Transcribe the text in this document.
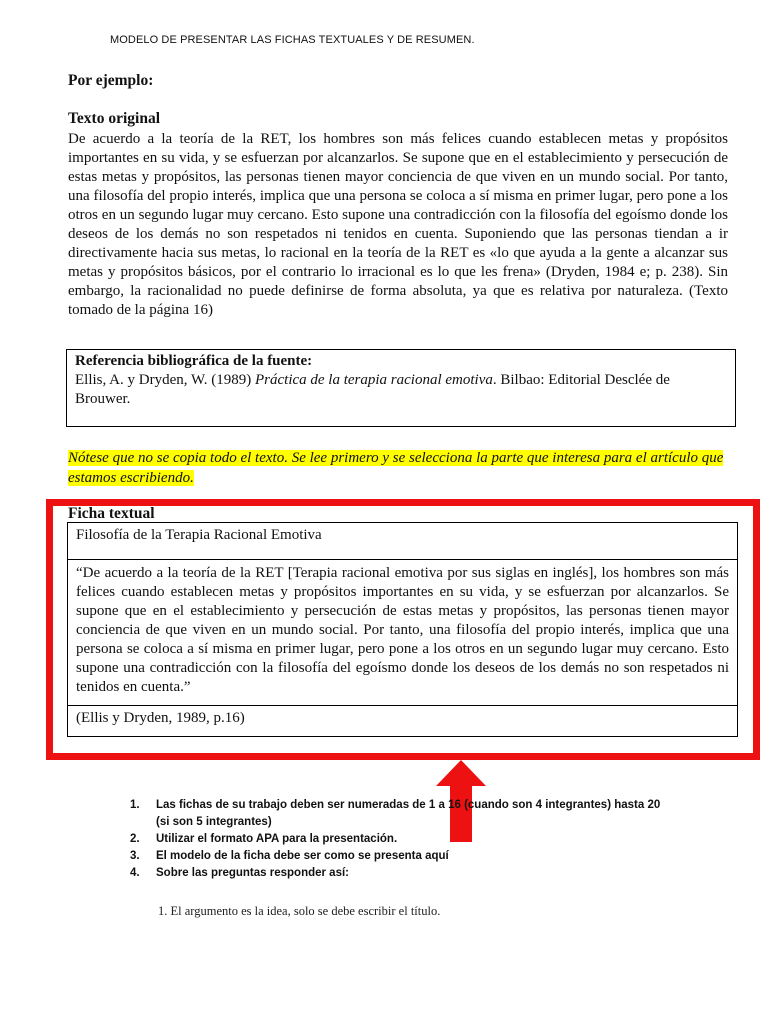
MODELO DE PRESENTAR LAS FICHAS TEXTUALES Y DE RESUMEN.
Por ejemplo:
Texto original
De acuerdo a la teoría de la RET, los hombres son más felices cuando establecen metas y propósitos importantes en su vida, y se esfuerzan por alcanzarlos. Se supone que en el establecimiento y persecución de estas metas y propósitos, las personas tienen mayor conciencia de que viven en un mundo social. Por tanto, una filosofía del propio interés, implica que una persona se coloca a sí misma en primer lugar, pero pone a los otros en un segundo lugar muy cercano. Esto supone una contradicción con la filosofía del egoísmo donde los deseos de los demás no son respetados ni tenidos en cuenta. Suponiendo que las personas tiendan a ir directivamente hacia sus metas, lo racional en la teoría de la RET es «lo que ayuda a la gente a alcanzar sus metas y propósitos básicos, por el contrario lo irracional es lo que les frena» (Dryden, 1984 e; p. 238). Sin embargo, la racionalidad no puede definirse de forma absoluta, ya que es relativa por naturaleza. (Texto tomado de la página 16)
Referencia bibliográfica de la fuente:
Ellis, A. y Dryden, W. (1989) Práctica de la terapia racional emotiva. Bilbao: Editorial Desclée de Brouwer.
Nótese que no se copia todo el texto. Se lee primero y se selecciona la parte que interesa para el artículo que estamos escribiendo.
Ficha textual
Filosofía de la Terapia Racional Emotiva
“De acuerdo a la teoría de la RET [Terapia racional emotiva por sus siglas en inglés], los hombres son más felices cuando establecen metas y propósitos importantes en su vida, y se esfuerzan por alcanzarlos. Se supone que en el establecimiento y persecución de estas metas y propósitos, las personas tienen mayor conciencia de que viven en un mundo social. Por tanto, una filosofía del propio interés, implica que una persona se coloca a sí misma en primer lugar, pero pone a los otros en un segundo lugar muy cercano. Esto supone una contradicción con la filosofía del egoísmo donde los deseos de los demás no son respetados ni tenidos en cuenta.”
(Ellis y Dryden, 1989, p.16)
1. Las fichas de su trabajo deben ser numeradas de 1 a 16 (cuando son 4 integrantes) hasta 20 (si son 5 integrantes)
2. Utilizar el formato APA para la presentación.
3. El modelo de la ficha debe ser como se presenta aquí
4. Sobre las preguntas responder así:
1. El argumento es la idea, solo se debe escribir el título.
